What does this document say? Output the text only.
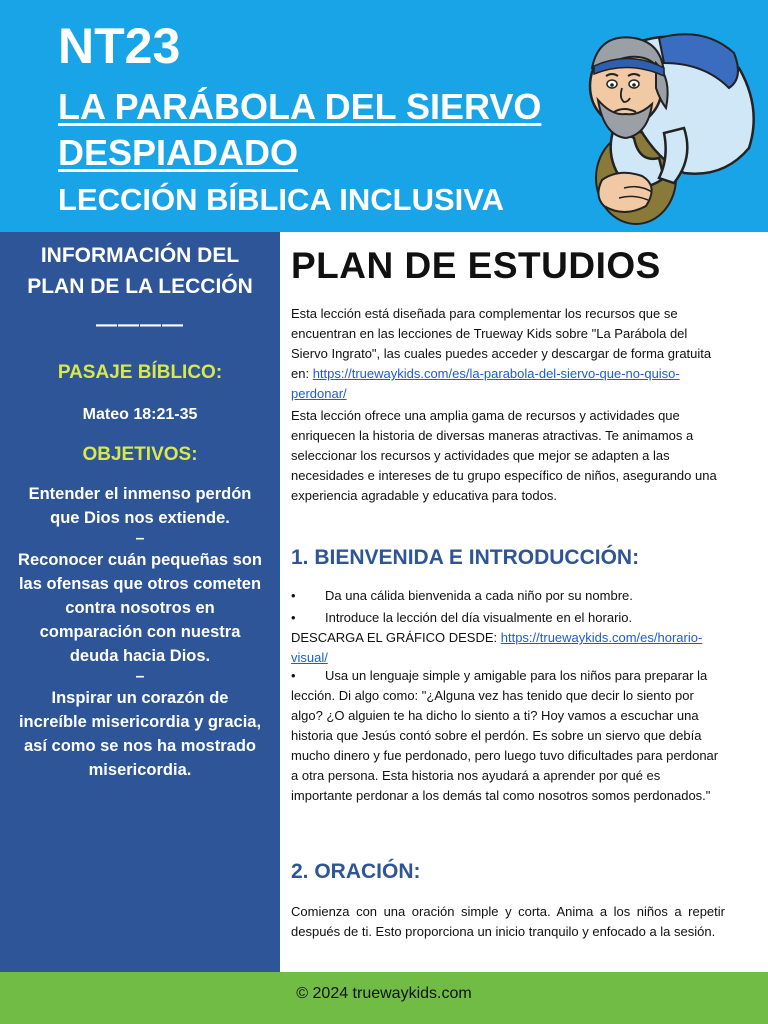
NT23
LA PARÁBOLA DEL SIERVO DESPIADADO
LECCIÓN BÍBLICA INCLUSIVA
INFORMACIÓN DEL PLAN DE LA LECCIÓN
————
PASAJE BÍBLICO:
Mateo 18:21-35
OBJETIVOS:
Entender el inmenso perdón que Dios nos extiende.
–
Reconocer cuán pequeñas son las ofensas que otros cometen contra nosotros en comparación con nuestra deuda hacia Dios.
–
Inspirar un corazón de increíble misericordia y gracia, así como se nos ha mostrado misericordia.
PLAN DE ESTUDIOS
Esta lección está diseñada para complementar los recursos que se encuentran en las lecciones de Trueway Kids sobre "La Parábola del Siervo Ingrato", las cuales puedes acceder y descargar de forma gratuita en: https://truewaykids.com/es/la-parabola-del-siervo-que-no-quiso-perdonar/
Esta lección ofrece una amplia gama de recursos y actividades que enriquecen la historia de diversas maneras atractivas. Te animamos a seleccionar los recursos y actividades que mejor se adapten a las necesidades e intereses de tu grupo específico de niños, asegurando una experiencia agradable y educativa para todos.
1. BIENVENIDA E INTRODUCCIÓN:
• Da una cálida bienvenida a cada niño por su nombre.
• Introduce la lección del día visualmente en el horario.
DESCARGA EL GRÁFICO DESDE: https://truewaykids.com/es/horario-visual/
• Usa un lenguaje simple y amigable para los niños para preparar la lección. Di algo como: "¿Alguna vez has tenido que decir lo siento por algo? ¿O alguien te ha dicho lo siento a ti? Hoy vamos a escuchar una historia que Jesús contó sobre el perdón. Es sobre un siervo que debía mucho dinero y fue perdonado, pero luego tuvo dificultades para perdonar a otra persona. Esta historia nos ayudará a aprender por qué es importante perdonar a los demás tal como nosotros somos perdonados."
2. ORACIÓN:
Comienza con una oración simple y corta. Anima a los niños a repetir después de ti. Esto proporciona un inicio tranquilo y enfocado a la sesión.
© 2024 truewaykids.com
